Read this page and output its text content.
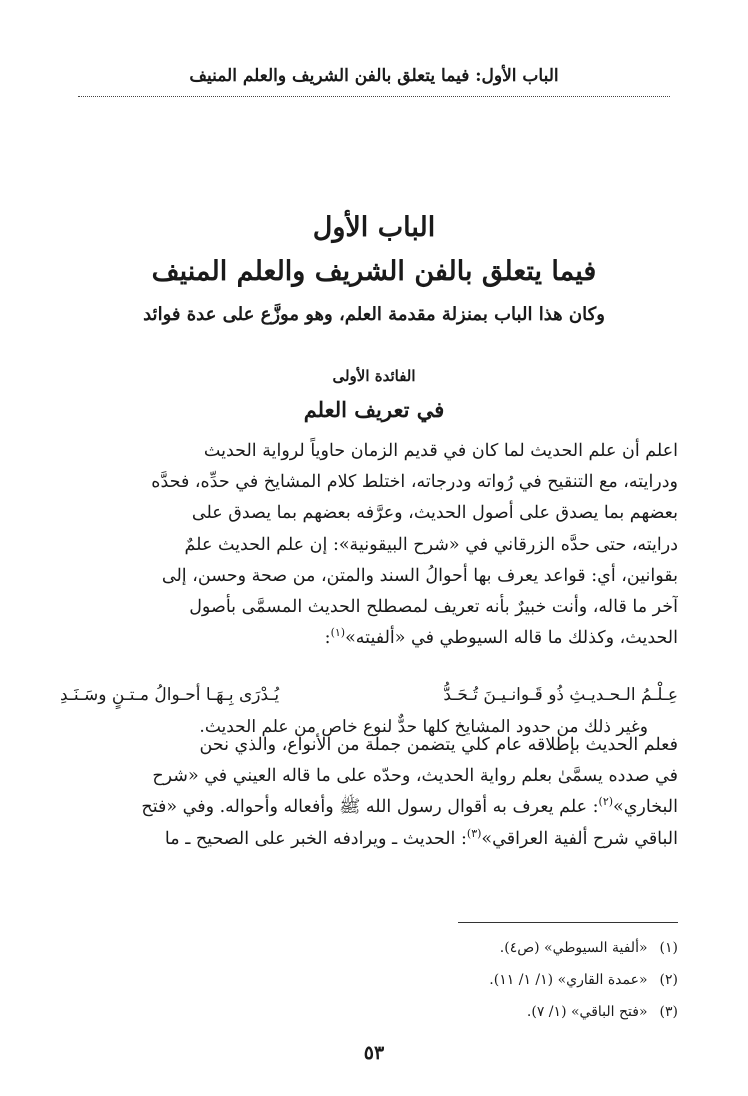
الباب الأول: فيما يتعلق بالفن الشريف والعلم المنيف
الباب الأول
فيما يتعلق بالفن الشريف والعلم المنيف
وكان هذا الباب بمنزلة مقدمة العلم، وهو موزَّع على عدة فوائد
الفائدة الأولى
في تعريف العلم
اعلم أن علم الحديث لما كان في قديم الزمان حاوياً لرواية الحديث
ودرايته، مع التنقيح في رُواته ودرجاته، اختلط كلام المشايخ في حدِّه، فحدَّه
بعضهم بما يصدق على أصول الحديث، وعرَّفه بعضهم بما يصدق على
درايته، حتى حدَّه الزرقاني في «شرح البيقونية»: إن علم الحديث علمٌ
بقوانين، أي: قواعد يعرف بها أحوالُ السند والمتن، من صحة وحسن، إلى
آخر ما قاله، وأنت خبيرٌ بأنه تعريف لمصطلح الحديث المسمَّى بأصول
الحديث، وكذلك ما قاله السيوطي في «ألفيته»$^{(١)}$:
عِـلْـمُ الـحـديـثِ ذُو قَـوانـيـنَ تُـحَـدُّ
يُـدْرَى بِـهَـا أحـوالُ مـتـنٍ وسَـنَـدِ
وغير ذلك من حدود المشايخ كلها حدٌّ لنوع خاص من علم الحديث.
فعلم الحديث بإطلاقه عام كلي يتضمن جملة من الأنواع، والذي نحن
في صدده يسمَّىٰ بعلم رواية الحديث، وحدّه على ما قاله العيني في «شرح
البخاري»$^{(٢)}$: علم يعرف به أقوال رسول الله ﷺ وأفعاله وأحواله. وفي «فتح
الباقي شرح ألفية العراقي»$^{(٣)}$: الحديث ـ ويرادفه الخبر على الصحيح ـ ما
(١)«ألفية السيوطي» (ص٤).
(٢)«عمدة القاري» (١/ ١/ ١١).
(٣)«فتح الباقي» (١/ ٧).
٥٣
